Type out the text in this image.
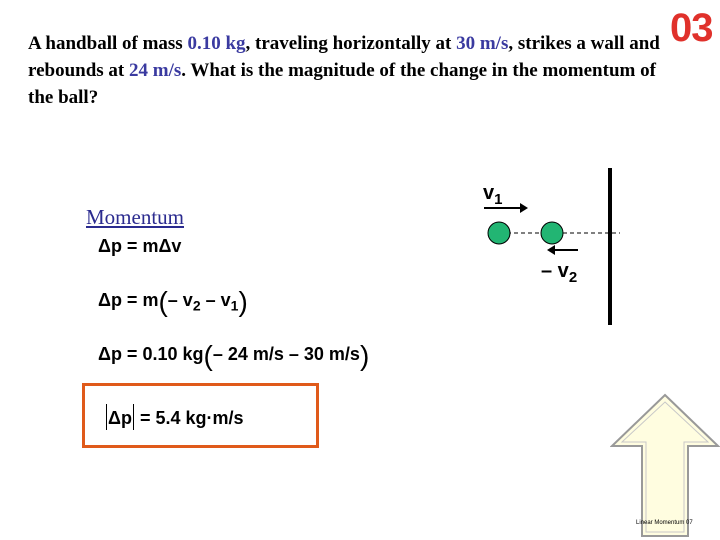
A handball of mass 0.10 kg, traveling horizontally at 30 m/s, strikes a wall and rebounds at 24 m/s. What is the magnitude of the change in the momentum of the ball?
03
Momentum
Δp = mΔv
Δp = m(– $v_2 - v_1$)
Δp = 0.10 kg(– 24 m/s – 30 m/s)
Δp = 5.4 kg·m/s
$v_1$
– $v_2$
Linear Momentum 07
